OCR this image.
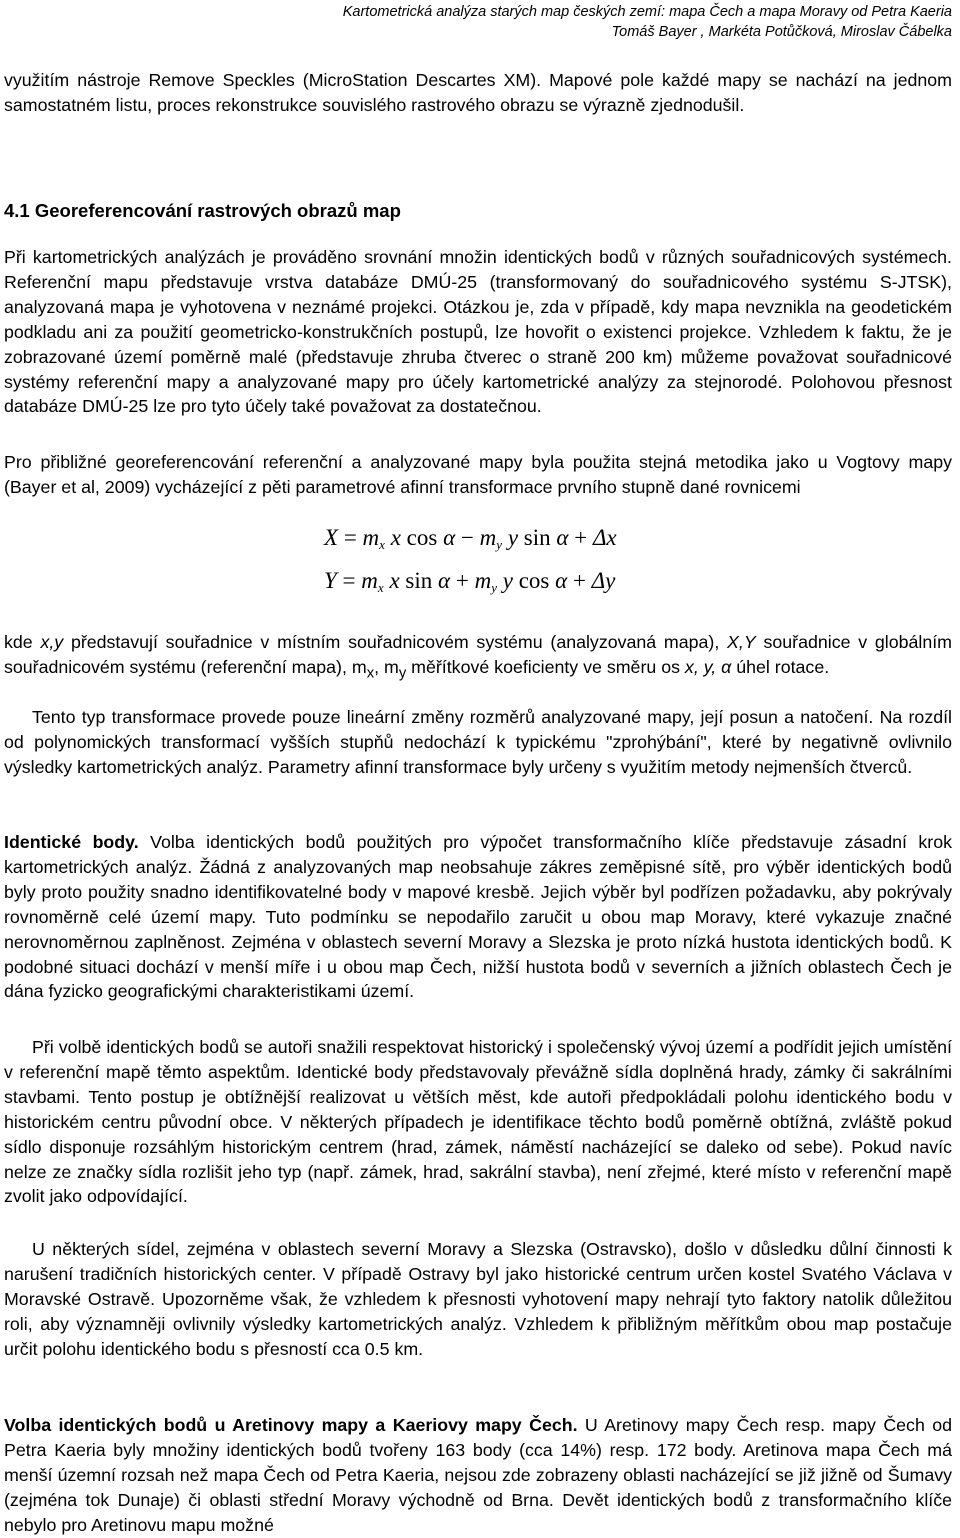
Kartometrická analýza starých map českých zemí: mapa Čech a mapa Moravy od Petra Kaeria
Tomáš Bayer , Markéta Potůčková, Miroslav Čábelka

využitím nástroje Remove Speckles (MicroStation Descartes XM). Mapové pole každé mapy se nachází na jednom samostatném listu, proces rekonstrukce souvislého rastrového obrazu se výrazně zjednodušil.

4.1 Georeferencování rastrových obrazů map

Při kartometrických analýzách je prováděno srovnání množin identických bodů v různých souřadnicových systémech. Referenční mapu představuje vrstva databáze DMÚ-25 (transformovaný do souřadnicového systému S-JTSK), analyzovaná mapa je vyhotovena v neznámé projekci. Otázkou je, zda v případě, kdy mapa nevznikla na geodetickém podkladu ani za použití geometricko-konstrukčních postupů, lze hovořit o existenci projekce. Vzhledem k faktu, že je zobrazované území poměrně malé (představuje zhruba čtverec o straně 200 km) můžeme považovat souřadnicové systémy referenční mapy a analyzované mapy pro účely kartometrické analýzy za stejnorodé. Polohovou přesnost databáze DMÚ-25 lze pro tyto účely také považovat za dostatečnou.

Pro přibližné georeferencování referenční a analyzované mapy byla použita stejná metodika jako u Vogtovy mapy (Bayer et al, 2009) vycházející z pěti parametrové afinní transformace prvního stupně dané rovnicemi

$X = m_x$ x $\cos \alpha - m_y$ y sin α + Δx
$Y = m_x$ x $\sin \alpha + m_y$ y cos α + Δy

kde x,y představují souřadnice v místním souřadnicovém systému (analyzovaná mapa), X,Y souřadnice v globálním souřadnicovém systému (referenční mapa), $m_x$, $m_y$ měřítkové koeficienty ve směru os x, y, α úhel rotace.

Tento typ transformace provede pouze lineární změny rozměrů analyzované mapy, její posun a natočení. Na rozdíl od polynomických transformací vyšších stupňů nedochází k typickému "zprohýbání", které by negativně ovlivnilo výsledky kartometrických analýz. Parametry afinní transformace byly určeny s využitím metody nejmenších čtverců.

Identické body. Volba identických bodů použitých pro výpočet transformačního klíče představuje zásadní krok kartometrických analýz. Žádná z analyzovaných map neobsahuje zákres zeměpisné sítě, pro výběr identických bodů byly proto použity snadno identifikovatelné body v mapové kresbě. Jejich výběr byl podřízen požadavku, aby pokrývaly rovnoměrně celé území mapy. Tuto podmínku se nepodařilo zaručit u obou map Moravy, které vykazuje značné nerovnoměrnou zaplněnost. Zejména v oblastech severní Moravy a Slezska je proto nízká hustota identických bodů. K podobné situaci dochází v menší míře i u obou map Čech, nižší hustota bodů v severních a jižních oblastech Čech je dána fyzicko geografickými charakteristikami území.

Při volbě identických bodů se autoři snažili respektovat historický i společenský vývoj území a podřídit jejich umístění v referenční mapě těmto aspektům. Identické body představovaly převážně sídla doplněná hrady, zámky či sakrálními stavbami. Tento postup je obtížnější realizovat u větších měst, kde autoři předpokládali polohu identického bodu v historickém centru původní obce. V některých případech je identifikace těchto bodů poměrně obtížná, zvláště pokud sídlo disponuje rozsáhlým historickým centrem (hrad, zámek, náměstí nacházející se daleko od sebe). Pokud navíc nelze ze značky sídla rozlišit jeho typ (např. zámek, hrad, sakrální stavba), není zřejmé, které místo v referenční mapě zvolit jako odpovídající.

U některých sídel, zejména v oblastech severní Moravy a Slezska (Ostravsko), došlo v důsledku důlní činnosti k narušení tradičních historických center. V případě Ostravy byl jako historické centrum určen kostel Svatého Václava v Moravské Ostravě. Upozorněme však, že vzhledem k přesnosti vyhotovení mapy nehrají tyto faktory natolik důležitou roli, aby významněji ovlivnily výsledky kartometrických analýz. Vzhledem k přibližným měřítkům obou map postačuje určit polohu identického bodu s přesností cca 0.5 km.

Volba identických bodů u Aretinovy mapy a Kaeriovy mapy Čech. U Aretinovy mapy Čech resp. mapy Čech od Petra Kaeria byly množiny identických bodů tvořeny 163 body (cca 14%) resp. 172 body. Aretinova mapa Čech má menší územní rozsah než mapa Čech od Petra Kaeria, nejsou zde zobrazeny oblasti nacházející se již jižně od Šumavy (zejména tok Dunaje) či oblasti střední Moravy východně od Brna. Devět identických bodů z transformačního klíče nebylo pro Aretinovu mapu možné
